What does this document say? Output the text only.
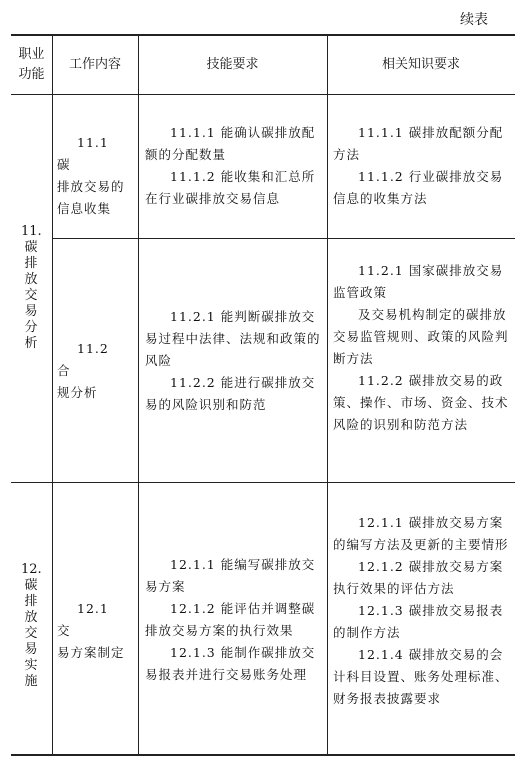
续表
职业
功能
工作内容	技能要求	相关知识要求
11.
碳
排
放
交
易
分
析

11.1　碳

排放交易的

信息收集

11.1.1 能确认碳排放配额的分配数量

11.1.2 能收集和汇总所在行业碳排放交易信息

11.1.1 碳排放配额分配方法

11.1.2 行业碳排放交易信息的收集方法

11.2　合

规分析

11.2.1 能判断碳排放交易过程中法律、法规和政策的风险

11.2.2 能进行碳排放交易的风险识别和防范

11.2.1 国家碳排放交易监管政策

及交易机构制定的碳排放交易监管规则、政策的风险判断方法

11.2.2 碳排放交易的政策、操作、市场、资金、技术风险的识别和防范方法

12.
碳
排
放
交
易
实
施

12.1　交

易方案制定

12.1.1 能编写碳排放交易方案

12.1.2 能评估并调整碳排放交易方案的执行效果

12.1.3 能制作碳排放交易报表并进行交易账务处理

12.1.1 碳排放交易方案的编写方法及更新的主要情形

12.1.2 碳排放交易方案执行效果的评估方法

12.1.3 碳排放交易报表的制作方法

12.1.4 碳排放交易的会计科目设置、账务处理标准、财务报表披露要求
